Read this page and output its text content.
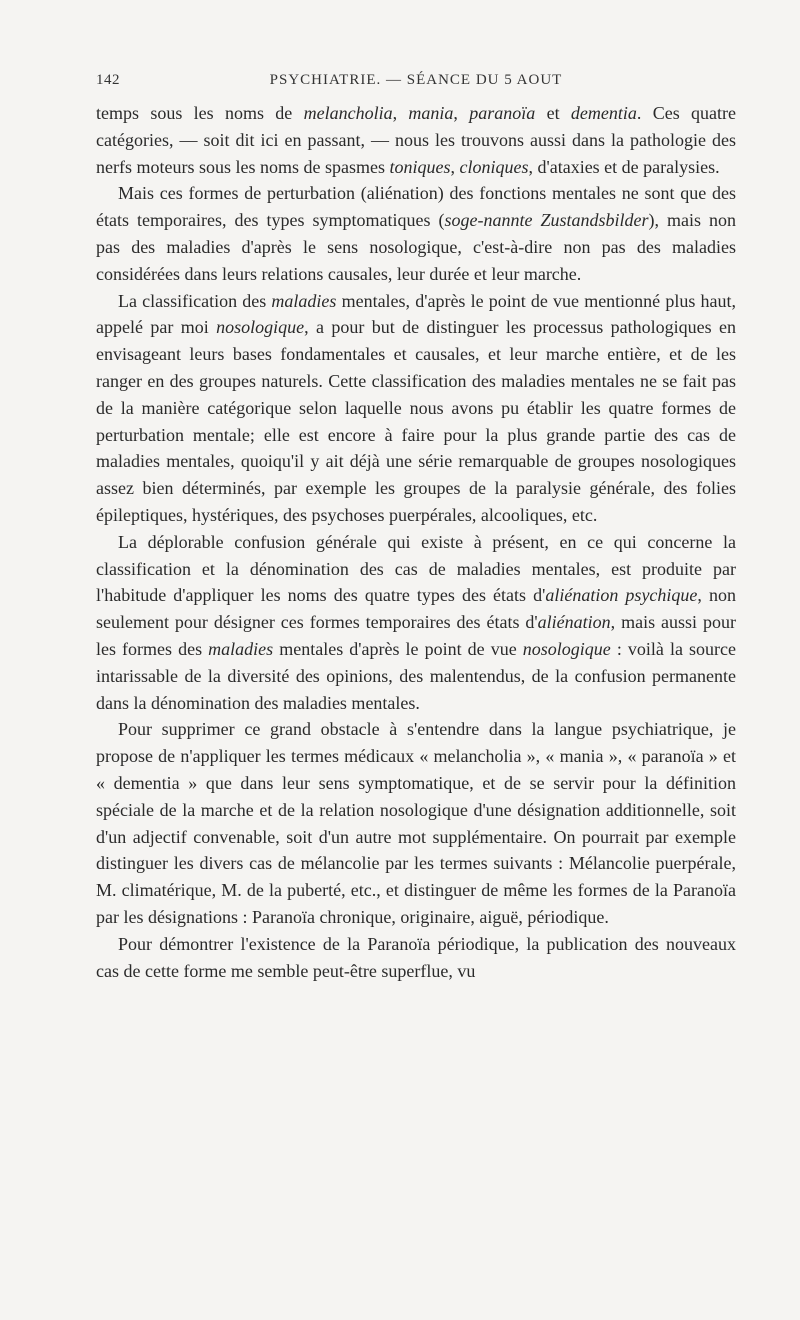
142	PSYCHIATRIE. — SÉANCE DU 5 AOUT

temps sous les noms de melancholia, mania, paranoïa et dementia. Ces quatre catégories, — soit dit ici en passant, — nous les trouvons aussi dans la pathologie des nerfs moteurs sous les noms de spasmes toniques, cloniques, d'ataxies et de paralysies.

Mais ces formes de perturbation (aliénation) des fonctions mentales ne sont que des états temporaires, des types symptomatiques (soge-nannte Zustandsbilder), mais non pas des maladies d'après le sens nosologique, c'est-à-dire non pas des maladies considérées dans leurs relations causales, leur durée et leur marche.

La classification des maladies mentales, d'après le point de vue mentionné plus haut, appelé par moi nosologique, a pour but de distinguer les processus pathologiques en envisageant leurs bases fondamentales et causales, et leur marche entière, et de les ranger en des groupes naturels. Cette classification des maladies mentales ne se fait pas de la manière catégorique selon laquelle nous avons pu établir les quatre formes de perturbation mentale; elle est encore à faire pour la plus grande partie des cas de maladies mentales, quoiqu'il y ait déjà une série remarquable de groupes nosologiques assez bien déterminés, par exemple les groupes de la paralysie générale, des folies épileptiques, hystériques, des psychoses puerpérales, alcooliques, etc.

La déplorable confusion générale qui existe à présent, en ce qui concerne la classification et la dénomination des cas de maladies mentales, est produite par l'habitude d'appliquer les noms des quatre types des états d'aliénation psychique, non seulement pour désigner ces formes temporaires des états d'aliénation, mais aussi pour les formes des maladies mentales d'après le point de vue nosologique : voilà la source intarissable de la diversité des opinions, des malentendus, de la confusion permanente dans la dénomination des maladies mentales.

Pour supprimer ce grand obstacle à s'entendre dans la langue psychiatrique, je propose de n'appliquer les termes médicaux « melancholia », « mania », « paranoïa » et « dementia » que dans leur sens symptomatique, et de se servir pour la définition spéciale de la marche et de la relation nosologique d'une désignation additionnelle, soit d'un adjectif convenable, soit d'un autre mot supplémentaire. On pourrait par exemple distinguer les divers cas de mélancolie par les termes suivants : Mélancolie puerpérale, M. climatérique, M. de la puberté, etc., et distinguer de même les formes de la Paranoïa par les désignations : Paranoïa chronique, originaire, aiguë, périodique.

Pour démontrer l'existence de la Paranoïa périodique, la publication des nouveaux cas de cette forme me semble peut-être superflue, vu
